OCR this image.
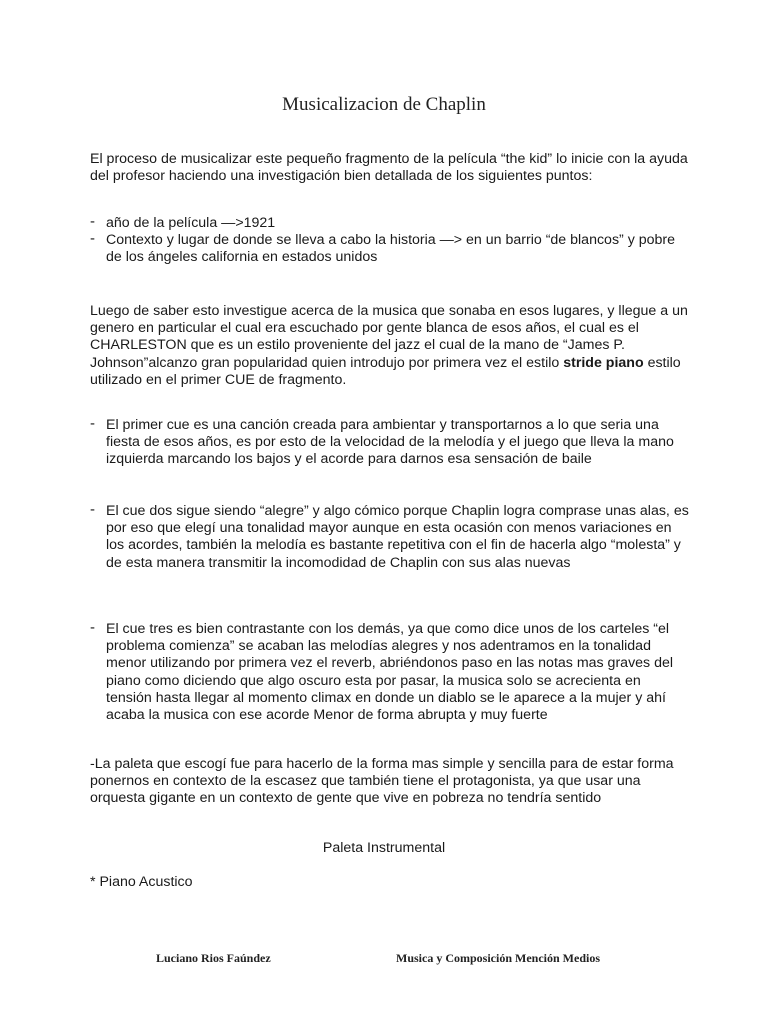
Musicalizacion de Chaplin

El proceso de musicalizar este pequeño fragmento de la película “the kid” lo inicie con la ayuda del profesor haciendo una investigación bien detallada de los siguientes puntos:

- año de la película —>1921
- Contexto y lugar de donde se lleva a cabo la historia —> en un barrio “de blancos” y pobre de los ángeles california en estados unidos

Luego de saber esto investigue acerca de la musica que sonaba en esos lugares, y llegue a un genero en particular el cual era escuchado por gente blanca de esos años, el cual es el CHARLESTON que es un estilo proveniente del jazz el cual de la mano de “James P. Johnson”alcanzo gran popularidad quien introdujo por primera vez el estilo stride piano estilo utilizado en el primer CUE de fragmento.

- El primer cue es una canción creada para ambientar y transportarnos a lo que seria una fiesta de esos años, es por esto de la velocidad de la melodía y el juego que lleva la mano izquierda marcando los bajos y el acorde para darnos esa sensación de baile
- El cue dos sigue siendo “alegre” y algo cómico porque Chaplin logra comprase unas alas, es por eso que elegí una tonalidad mayor aunque en esta ocasión con menos variaciones en los acordes, también la melodía es bastante repetitiva con el fin de hacerla algo “molesta” y de esta manera transmitir la incomodidad de Chaplin con sus alas nuevas
- El cue tres es bien contrastante con los demás, ya que como dice unos de los carteles “el problema comienza” se acaban las melodías alegres y nos adentramos en la tonalidad menor utilizando por primera vez el reverb, abriéndonos paso en las notas mas graves del piano como diciendo que algo oscuro esta por pasar, la musica solo se acrecienta en tensión hasta llegar al momento climax en donde un diablo se le aparece a la mujer y ahí acaba la musica con ese acorde Menor de forma abrupta y muy fuerte

-La paleta que escogí fue para hacerlo de la forma mas simple y sencilla para de estar forma ponernos en contexto de la escasez que también tiene el protagonista, ya que usar una orquesta gigante en un contexto de gente que vive en pobreza no tendría sentido

Paleta Instrumental
* Piano Acustico
Luciano Rios Faúndez	Musica y Composición Mención Medios
